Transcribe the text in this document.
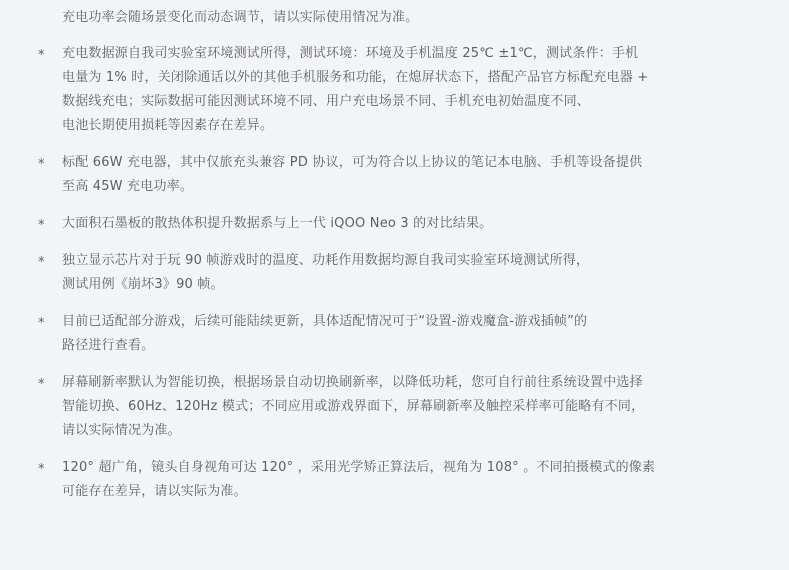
充电功率会随场景变化而动态调节，请以实际使用情况为准。
* 充电数据源自我司实验室环境测试所得，测试环境：环境及手机温度 25℃ ±1℃，测试条件：手机
电量为 1% 时，关闭除通话以外的其他手机服务和功能，在熄屏状态下，搭配产品官方标配充电器 +
数据线充电；实际数据可能因测试环境不同、用户充电场景不同、手机充电初始温度不同、
电池长期使用损耗等因素存在差异。
* 标配 66W 充电器，其中仅旅充头兼容 PD 协议，可为符合以上协议的笔记本电脑、手机等设备提供
至高 45W 充电功率。
* 大面积石墨板的散热体积提升数据系与上一代 iQOO Neo 3 的对比结果。
* 独立显示芯片对于玩 90 帧游戏时的温度、功耗作用数据均源自我司实验室环境测试所得，
测试用例《崩坏3》90 帧。
* 目前已适配部分游戏，后续可能陆续更新，具体适配情况可于“设置-游戏魔盒-游戏插帧”的
路径进行查看。
* 屏幕刷新率默认为智能切换，根据场景自动切换刷新率，以降低功耗，您可自行前往系统设置中选择
智能切换、60Hz、120Hz 模式；不同应用或游戏界面下，屏幕刷新率及触控采样率可能略有不同，
请以实际情况为准。
* 120° 超广角，镜头自身视角可达 120° ，采用光学矫正算法后，视角为 108° 。不同拍摄模式的像素
可能存在差异，请以实际为准。
